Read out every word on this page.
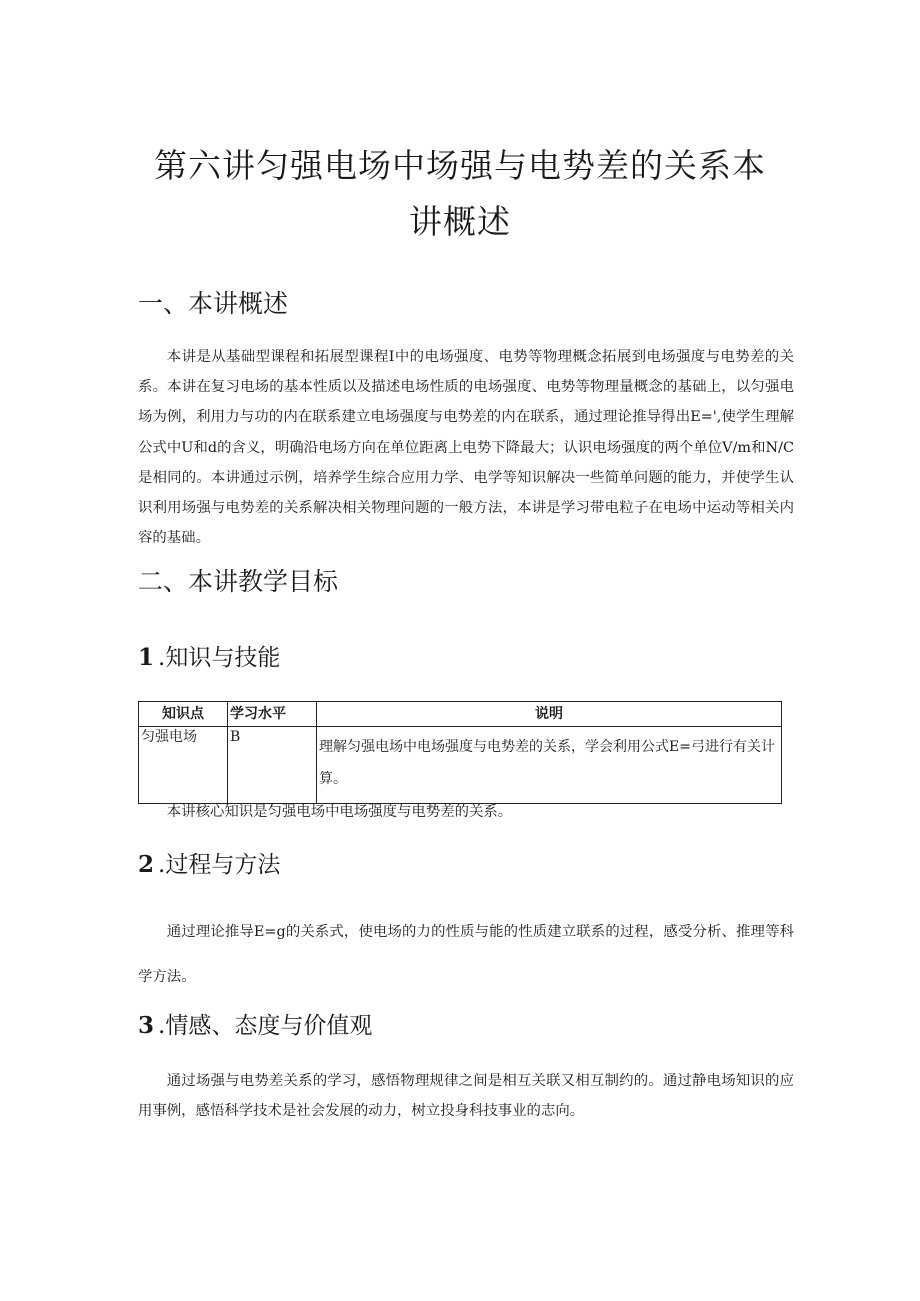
第六讲匀强电场中场强与电势差的关系本
讲概述
一、本讲概述
本讲是从基础型课程和拓展型课程Ⅰ中的电场强度、电势等物理概念拓展到电场强度与电势差的关系。本讲在复习电场的基本性质以及描述电场性质的电场强度、电势等物理量概念的基础上，以匀强电场为例，利用力与功的内在联系建立电场强度与电势差的内在联系，通过理论推导得出E=',使学生理解公式中U和d的含义，明确沿电场方向在单位距离上电势下降最大；认识电场强度的两个单位V/m和N/C是相同的。本讲通过示例，培养学生综合应用力学、电学等知识解决一些简单问题的能力，并使学生认识利用场强与电势差的关系解决相关物理问题的一般方法，本讲是学习带电粒子在电场中运动等相关内容的基础。
二、本讲教学目标
1 .知识与技能
知识点	学习水平	说明
匀强电场	B	理解匀强电场中电场强度与电势差的关系，学会利用公式E=弓进行有关计算。
本讲核心知识是匀强电场中电场强度与电势差的关系。
2 .过程与方法
通过理论推导E=g的关系式，使电场的力的性质与能的性质建立联系的过程，感受分析、推理等科学方法。
3 .情感、态度与价值观
通过场强与电势差关系的学习，感悟物理规律之间是相互关联又相互制约的。通过静电场知识的应用事例，感悟科学技术是社会发展的动力，树立投身科技事业的志向。
